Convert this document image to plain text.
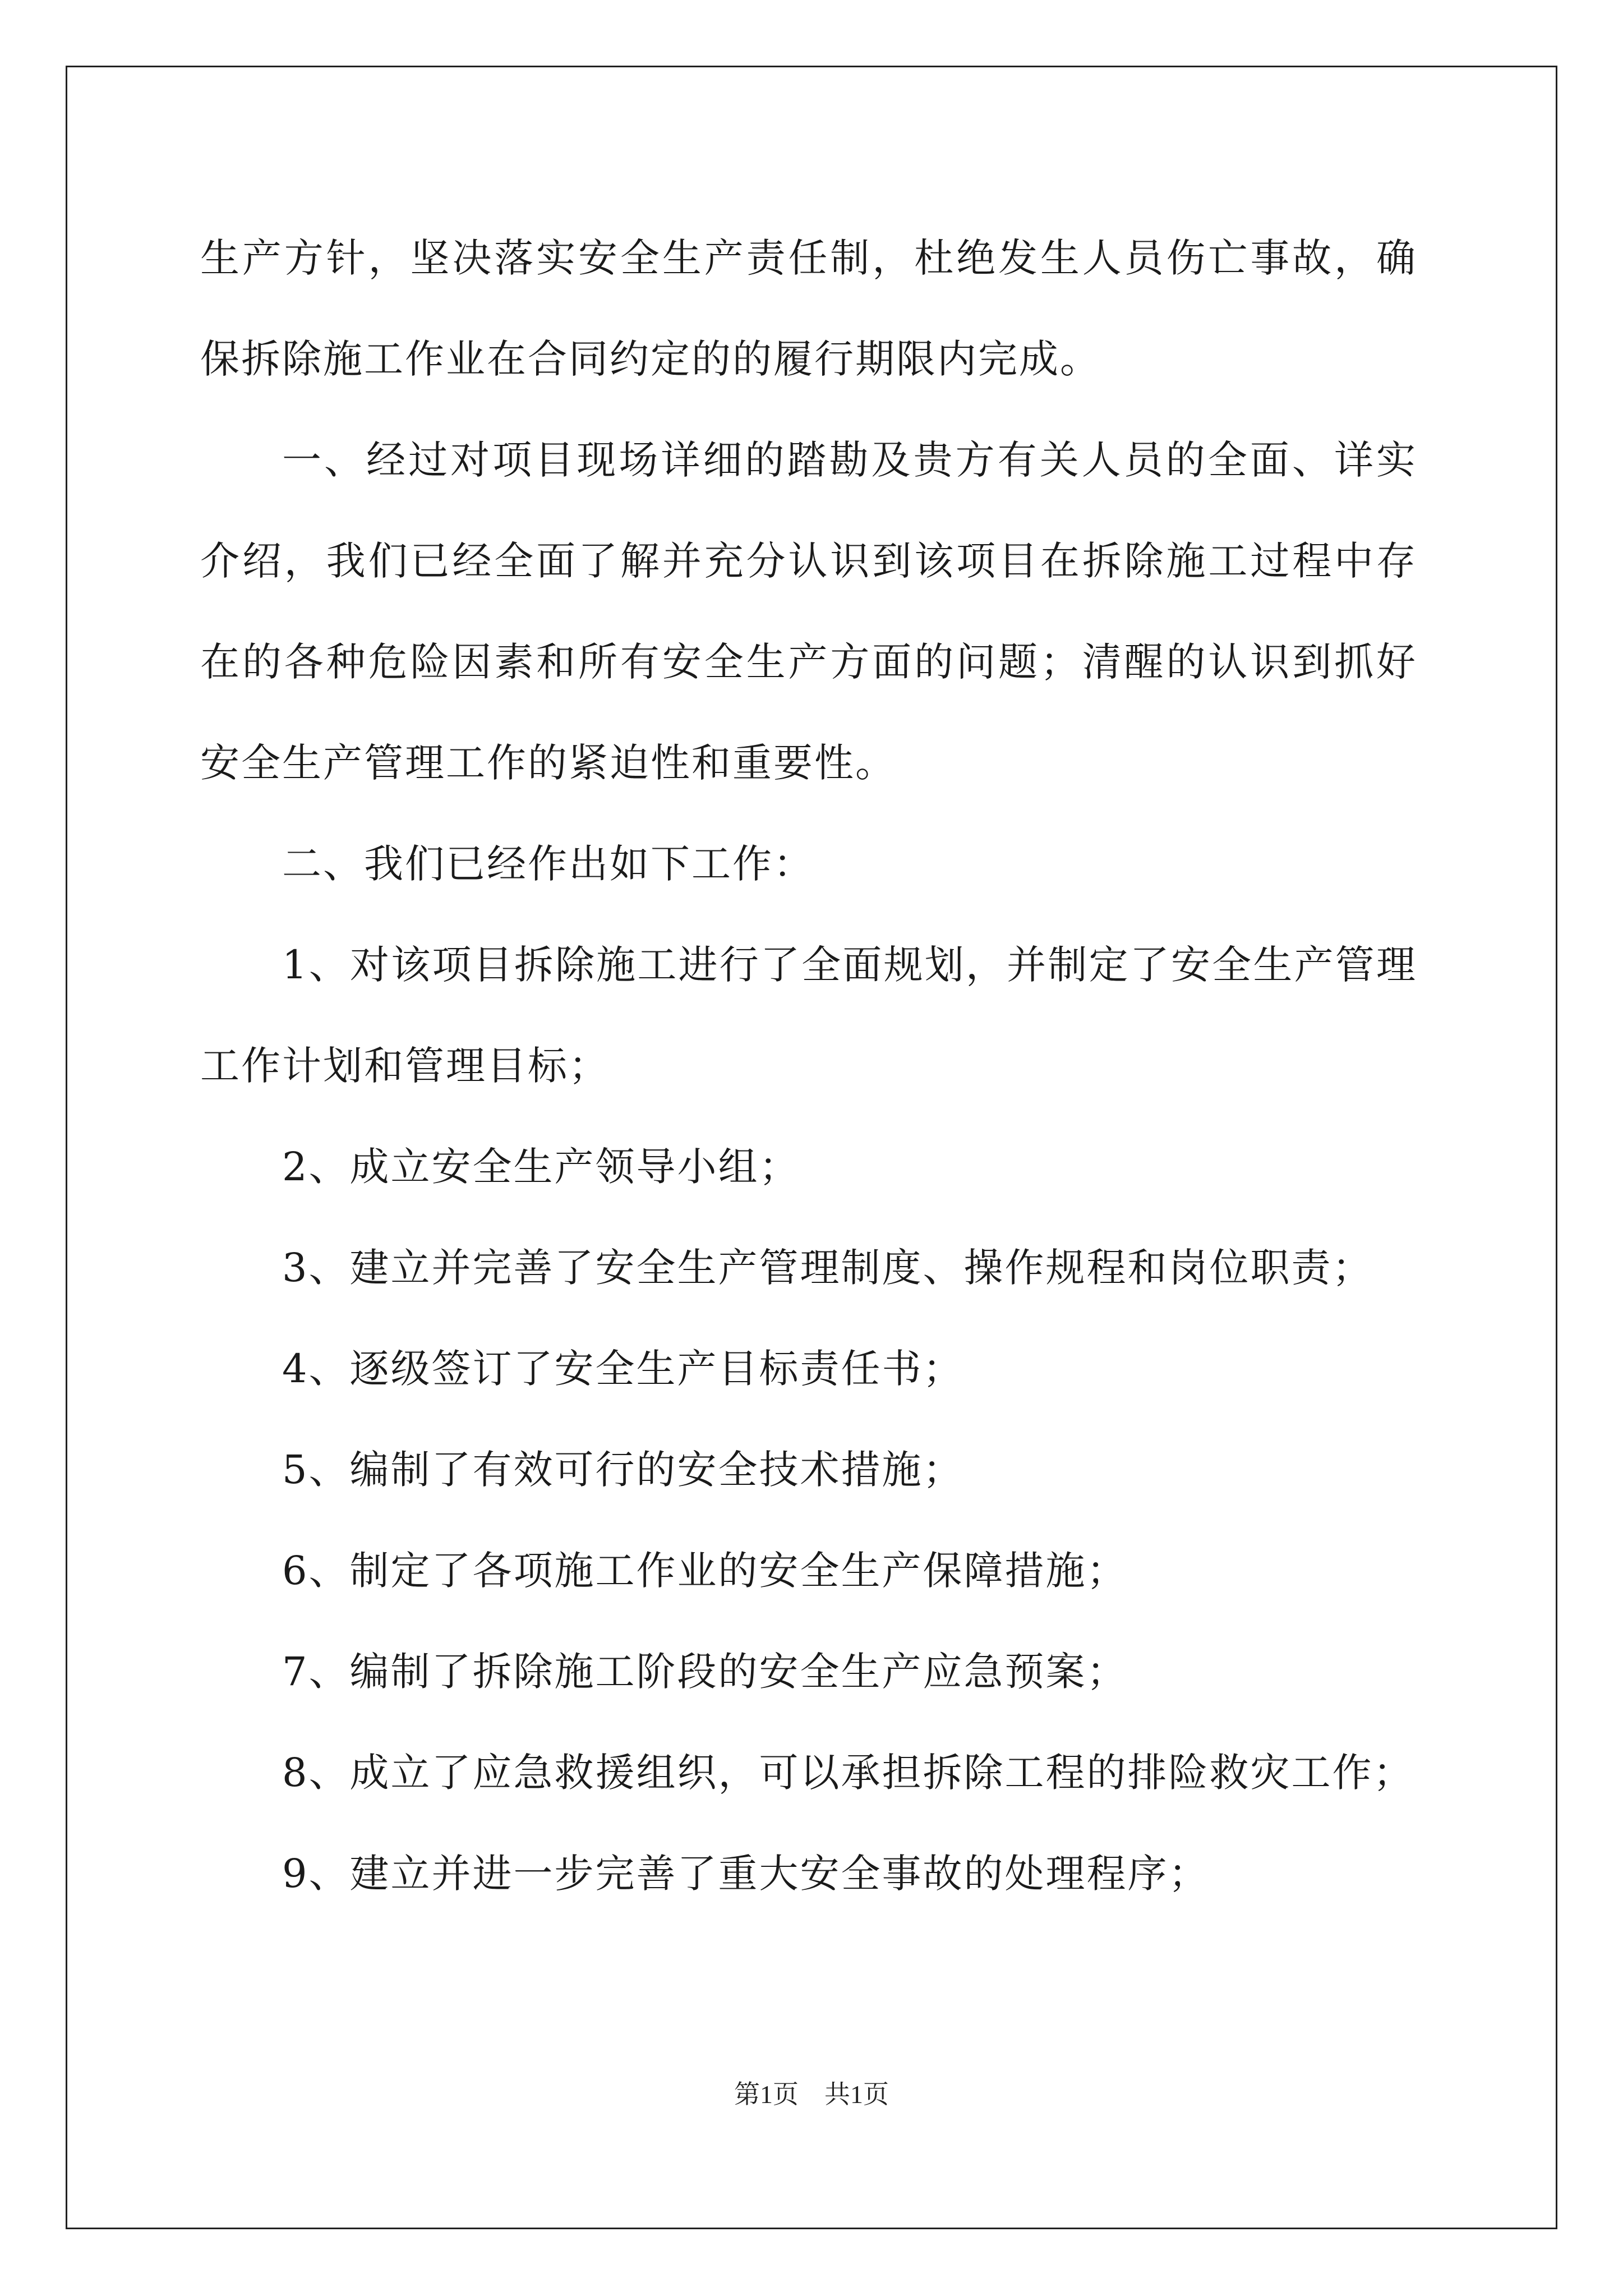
生产方针，坚决落实安全生产责任制，杜绝发生人员伤亡事故，确保拆除施工作业在合同约定的的履行期限内完成。

一、经过对项目现场详细的踏勘及贵方有关人员的全面、详实介绍，我们已经全面了解并充分认识到该项目在拆除施工过程中存在的各种危险因素和所有安全生产方面的问题；清醒的认识到抓好安全生产管理工作的紧迫性和重要性。

二、我们已经作出如下工作：

1、对该项目拆除施工进行了全面规划，并制定了安全生产管理工作计划和管理目标；

2、成立安全生产领导小组；

3、建立并完善了安全生产管理制度、操作规程和岗位职责；

4、逐级签订了安全生产目标责任书；

5、编制了有效可行的安全技术措施；

6、制定了各项施工作业的安全生产保障措施；

7、编制了拆除施工阶段的安全生产应急预案；

8、成立了应急救援组织，可以承担拆除工程的排险救灾工作；

9、建立并进一步完善了重大安全事故的处理程序；

第1页　共1页
